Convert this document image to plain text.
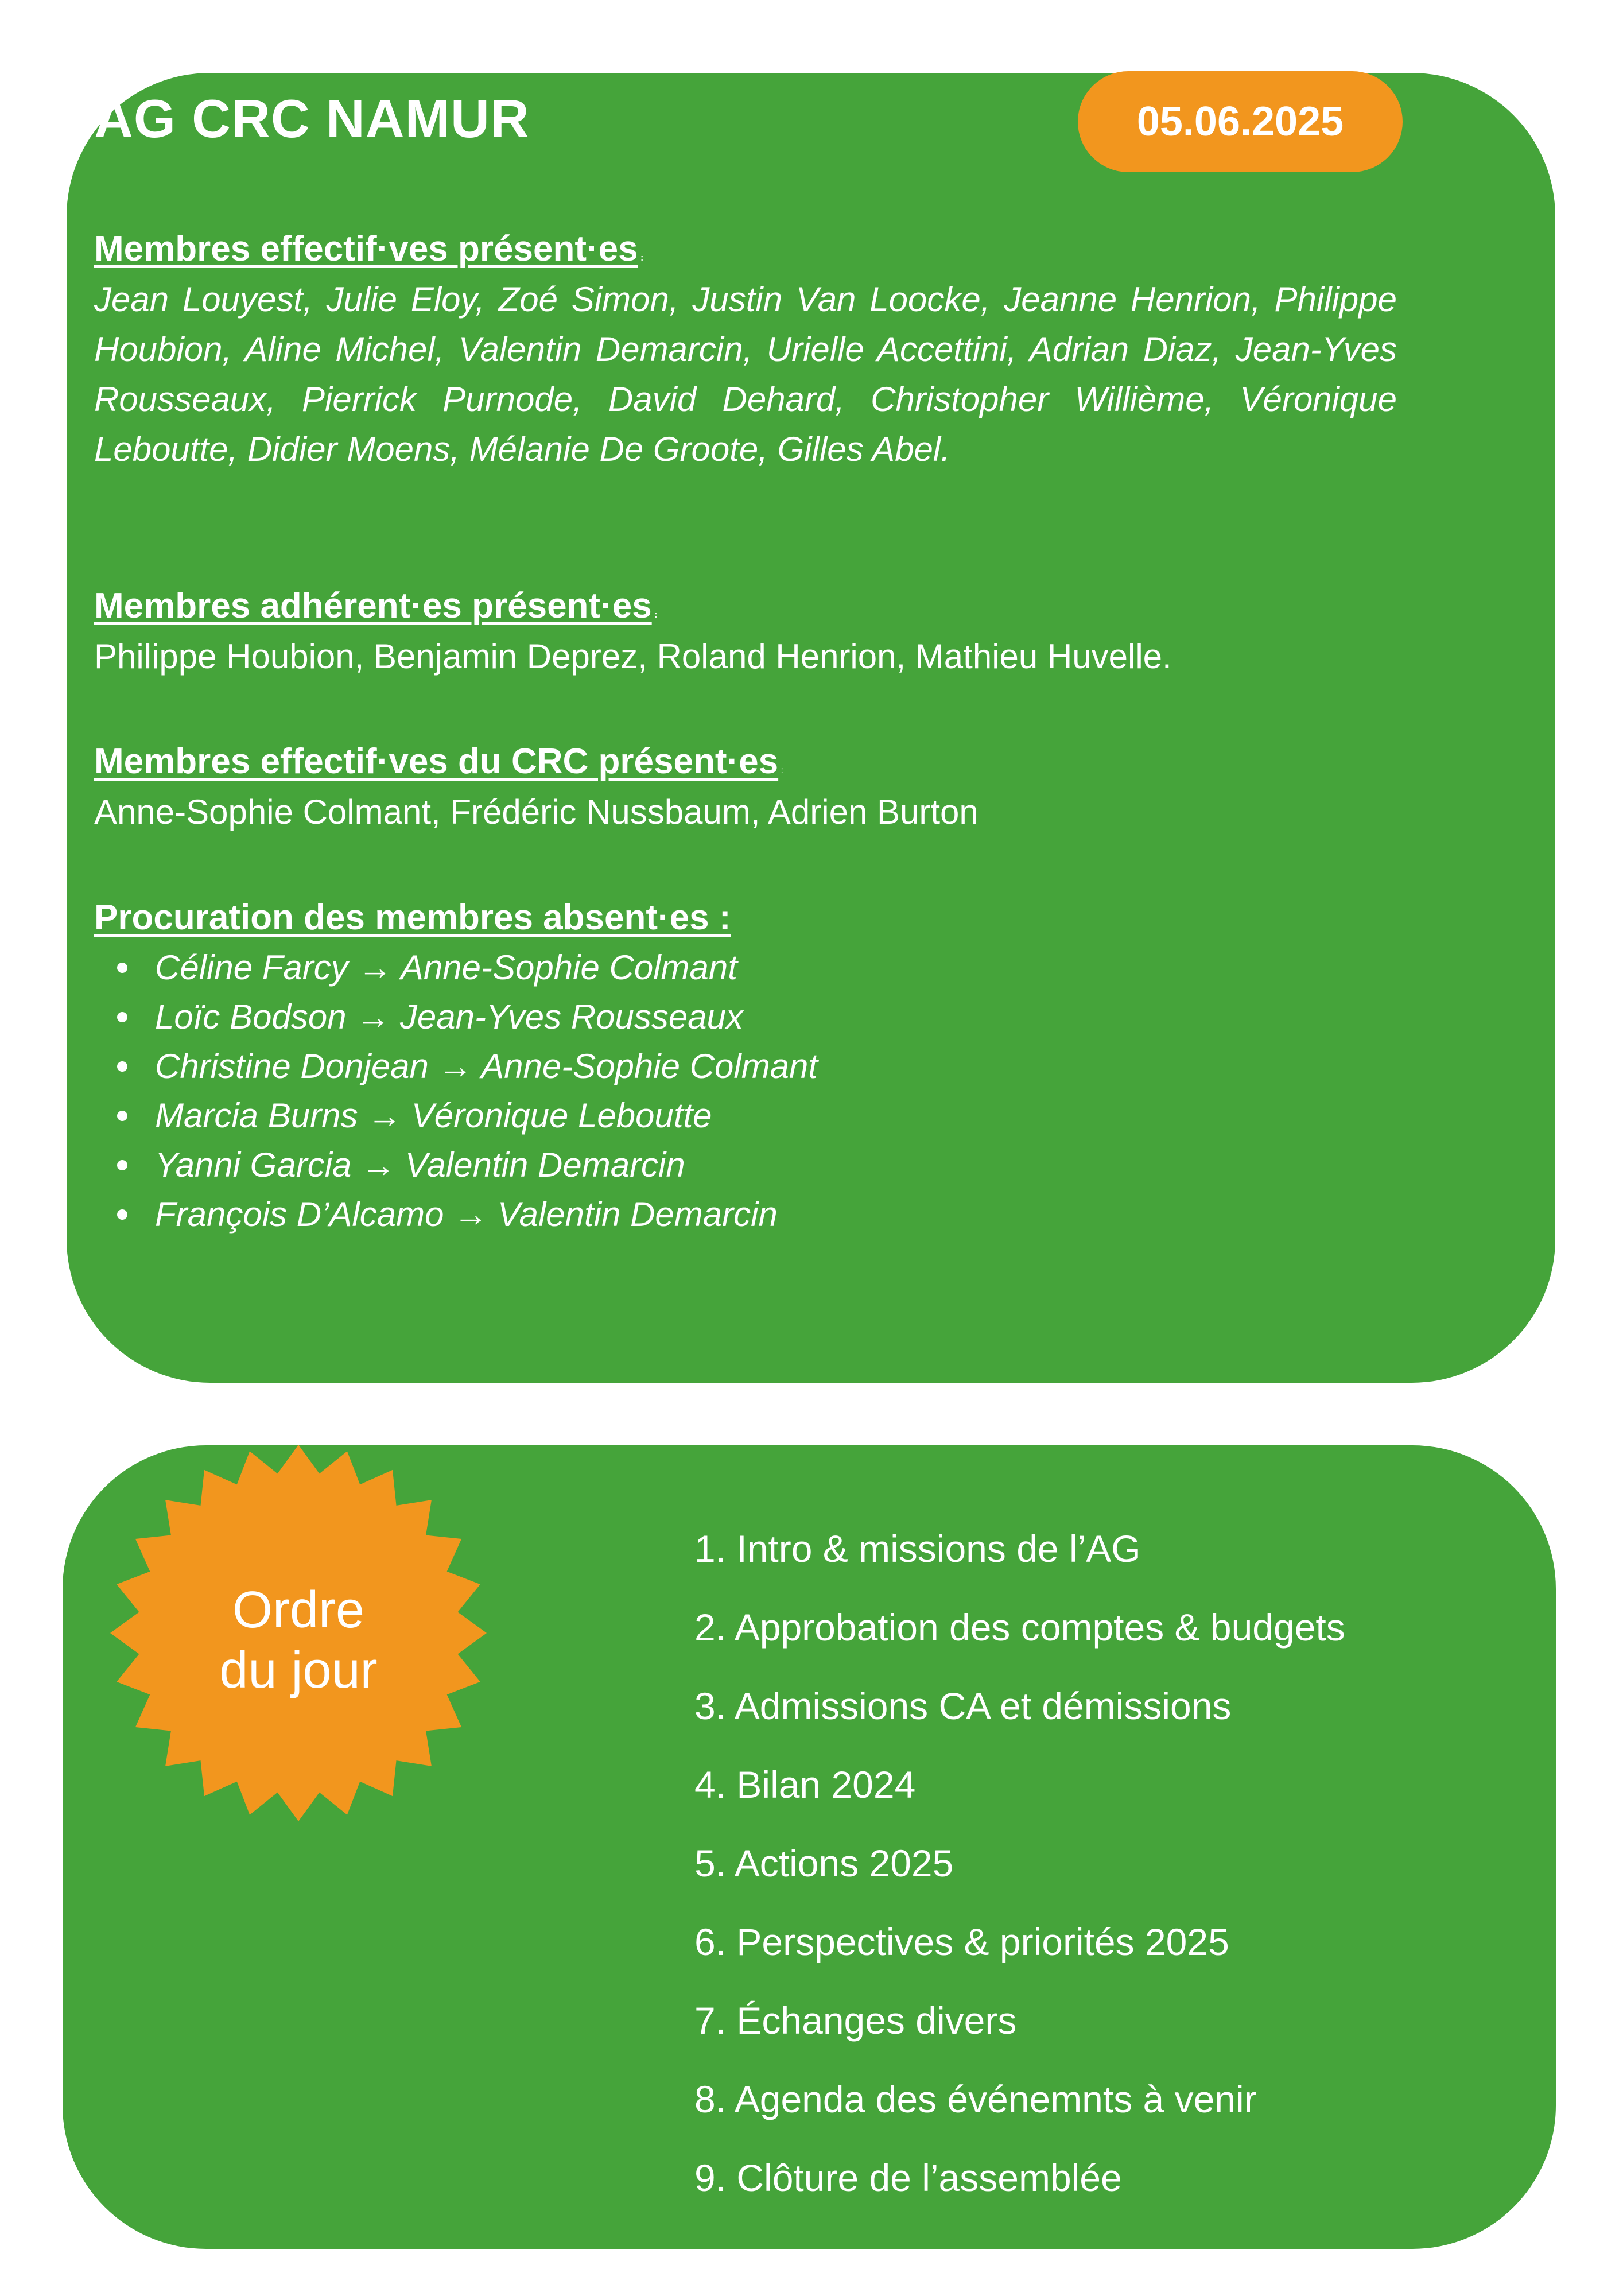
AG CRC NAMUR	05.06.2025
Membres effectif·ves présent·es :
Jean Louyest, Julie Eloy, Zoé Simon, Justin Van Loocke, Jeanne Henrion, Philippe Houbion, Aline Michel, Valentin Demarcin, Urielle Accettini, Adrian Diaz, Jean-Yves Rousseaux, Pierrick Purnode, David Dehard, Christopher Willième, Véronique Leboutte, Didier Moens, Mélanie De Groote, Gilles Abel.
Membres adhérent·es présent·es :
Philippe Houbion, Benjamin Deprez, Roland Henrion, Mathieu Huvelle.
Membres effectif·ves du CRC présent·es :
Anne-Sophie Colmant, Frédéric Nussbaum, Adrien Burton
Procuration des membres absent·es :
Céline Farcy → Anne-Sophie Colmant
Loïc Bodson → Jean-Yves Rousseaux
Christine Donjean → Anne-Sophie Colmant
Marcia Burns → Véronique Leboutte
Yanni Garcia → Valentin Demarcin
François D’Alcamo → Valentin Demarcin
Ordre
du jour
1. Intro & missions de l’AG
2. Approbation des comptes & budgets
3. Admissions CA et démissions
4. Bilan 2024
5. Actions 2025
6. Perspectives & priorités 2025
7. Échanges divers
8. Agenda des événemnts à venir
9. Clôture de l’assemblée
